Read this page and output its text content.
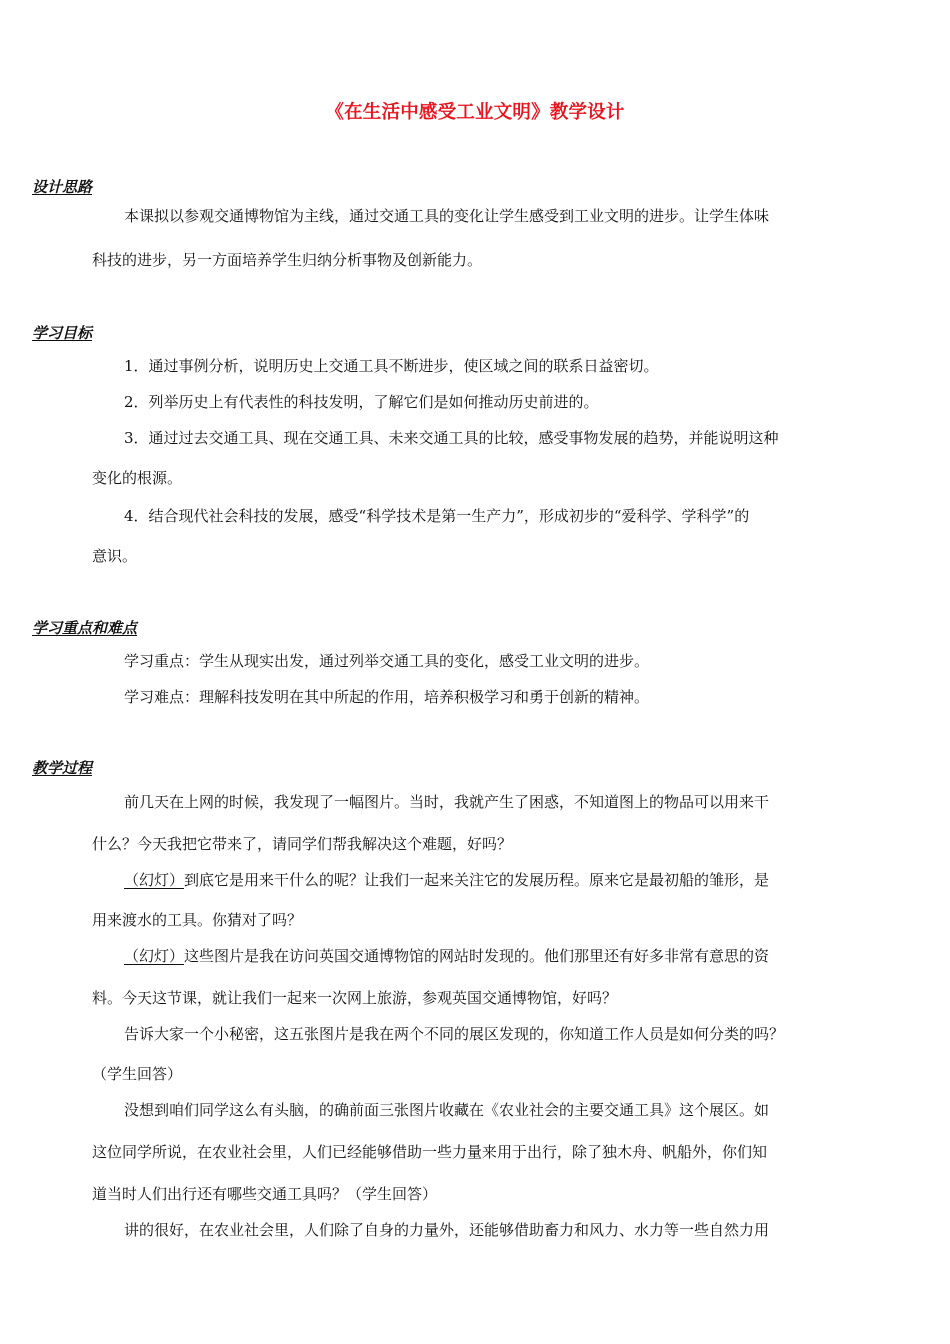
《在生活中感受工业文明》教学设计
设计思路
本课拟以参观交通博物馆为主线，通过交通工具的变化让学生感受到工业文明的进步。让学生体味
科技的进步，另一方面培养学生归纳分析事物及创新能力。
学习目标
1．通过事例分析，说明历史上交通工具不断进步，使区域之间的联系日益密切。
2．列举历史上有代表性的科技发明，了解它们是如何推动历史前进的。
3．通过过去交通工具、现在交通工具、未来交通工具的比较，感受事物发展的趋势，并能说明这种
变化的根源。
4．结合现代社会科技的发展，感受“科学技术是第一生产力”，形成初步的“爱科学、学科学”的
意识。
学习重点和难点
学习重点：学生从现实出发，通过列举交通工具的变化，感受工业文明的进步。
学习难点：理解科技发明在其中所起的作用，培养积极学习和勇于创新的精神。
教学过程
前几天在上网的时候，我发现了一幅图片。当时，我就产生了困惑，不知道图上的物品可以用来干
什么？今天我把它带来了，请同学们帮我解决这个难题，好吗？
（幻灯）到底它是用来干什么的呢？让我们一起来关注它的发展历程。原来它是最初船的雏形，是
用来渡水的工具。你猜对了吗？
（幻灯）这些图片是我在访问英国交通博物馆的网站时发现的。他们那里还有好多非常有意思的资
料。今天这节课，就让我们一起来一次网上旅游，参观英国交通博物馆，好吗？
告诉大家一个小秘密，这五张图片是我在两个不同的展区发现的，你知道工作人员是如何分类的吗？
（学生回答）
没想到咱们同学这么有头脑，的确前面三张图片收藏在《农业社会的主要交通工具》这个展区。如
这位同学所说，在农业社会里，人们已经能够借助一些力量来用于出行，除了独木舟、帆船外，你们知
道当时人们出行还有哪些交通工具吗？（学生回答）
讲的很好，在农业社会里，人们除了自身的力量外，还能够借助畜力和风力、水力等一些自然力用
